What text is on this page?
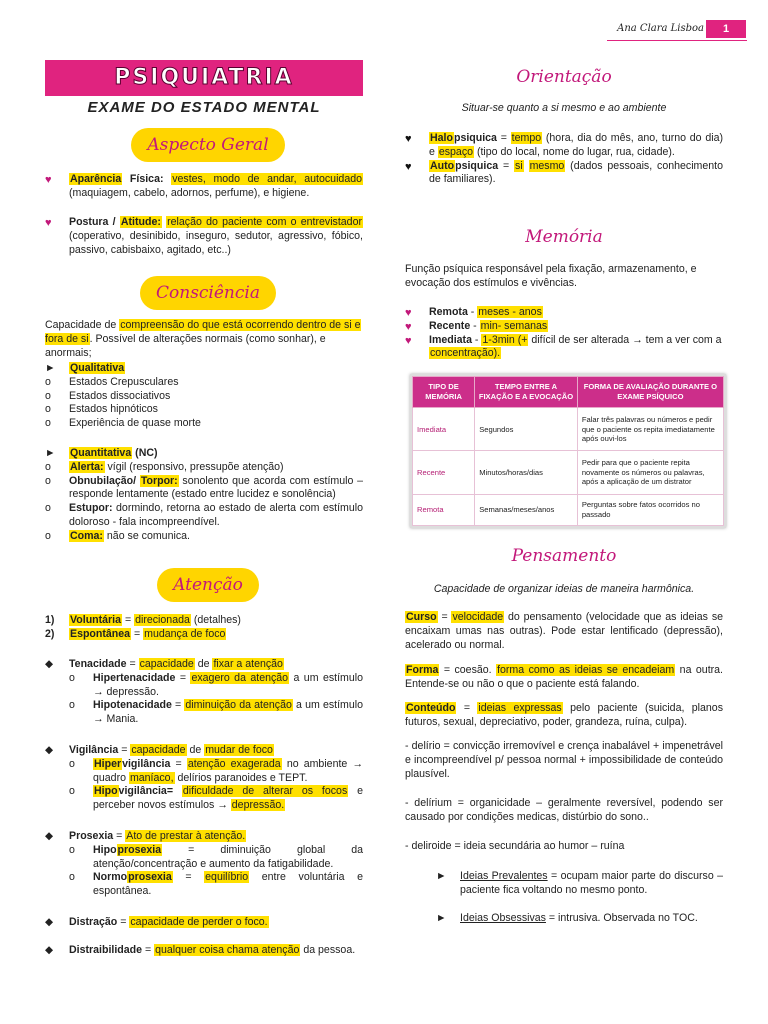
Ana Clara Lisboa	1
PSIQUIATRIA
EXAME DO ESTADO MENTAL
Aspecto Geral
♥ Aparência Física: vestes, modo de andar, autocuidado (maquiagem, cabelo, adornos, perfume), e higiene.
♥ Postura / Atitude: relação do paciente com o entrevistador (coperativo, desinibido, inseguro, sedutor, agressivo, fóbico, passivo, cabisbaixo, agitado, etc..)
Consciência
Capacidade de compreensão do que está ocorrendo dentro de si e fora de si. Possível de alterações normais (como sonhar), e anormais;
► Qualitativa
o Estados Crepusculares
o Estados dissociativos
o Estados hipnóticos
o Experiência de quase morte
► Quantitativa (NC)
o Alerta: vígil (responsivo, pressupõe atenção)
o Obnubilação/ Torpor: sonolento que acorda com estímulo – responde lentamente (estado entre lucidez e sonolência)
o Estupor: dormindo, retorna ao estado de alerta com estímulo doloroso - fala incompreendível.
o Coma: não se comunica.
Atenção
1) Voluntária = direcionada (detalhes)
2) Espontânea = mudança de foco
◆ Tenacidade = capacidade de fixar a atenção
o Hipertenacidade = exagero da atenção a um estímulo → depressão.
o Hipotenacidade = diminuição da atenção a um estímulo → Mania.
◆ Vigilância = capacidade de mudar de foco
o Hipervigilância = atenção exagerada no ambiente → quadro maníaco, delírios paranoides e TEPT.
o Hipovigilância= dificuldade de alterar os focos e perceber novos estímulos → depressão.
◆ Prosexia = Ato de prestar à atenção.
o Hipoprosexia = diminuição global da atenção/concentração e aumento da fatigabilidade.
o Normoprosexia = equilíbrio entre voluntária e espontânea.
◆ Distração = capacidade de perder o foco.
◆ Distraibilidade = qualquer coisa chama atenção da pessoa.
Orientação
Situar-se quanto a si mesmo e ao ambiente
♥ Halopsiquica = tempo (hora, dia do mês, ano, turno do dia) e espaço (tipo do local, nome do lugar, rua, cidade).
♥ Autopsiquica = si mesmo (dados pessoais, conhecimento de familiares).
Memória
Função psíquica responsável pela fixação, armazenamento, e evocação dos estímulos e vivências.
♥ Remota - meses - anos
♥ Recente - min- semanas
♥ Imediata - 1-3min (+ difícil de ser alterada → tem a ver com a concentração).
TIPO DE MEMÓRIA	TEMPO ENTRE A FIXAÇÃO E A EVOCAÇÃO	FORMA DE AVALIAÇÃO DURANTE O EXAME PSÍQUICO
Imediata	Segundos	Falar três palavras ou números e pedir que o paciente os repita imediatamente após ouvi-los
Recente	Minutos/horas/dias	Pedir para que o paciente repita novamente os números ou palavras, após a aplicação de um distrator
Remota	Semanas/meses/anos	Perguntas sobre fatos ocorridos no passado
Pensamento
Capacidade de organizar ideias de maneira harmônica.
Curso = velocidade do pensamento (velocidade que as ideias se encaixam umas nas outras). Pode estar lentificado (depressão), acelerado ou normal.
Forma = coesão. forma como as ideias se encadeiam na outra. Entende-se ou não o que o paciente está falando.
Conteúdo = ideias expressas pelo paciente (suicida, planos futuros, sexual, depreciativo, poder, grandeza, ruína, culpa).
- delírio = convicção irremovível e crença inabalável + impenetrável e incompreendível p/ pessoa normal + impossibilidade de conteúdo plausível.
- delírium = organicidade – geralmente reversível, podendo ser causado por condições medicas, distúrbio do sono..
- deliroide = ideia secundária ao humor – ruína
► Ideias Prevalentes = ocupam maior parte do discurso – paciente fica voltando no mesmo ponto.
► Ideias Obsessivas = intrusiva. Observada no TOC.
